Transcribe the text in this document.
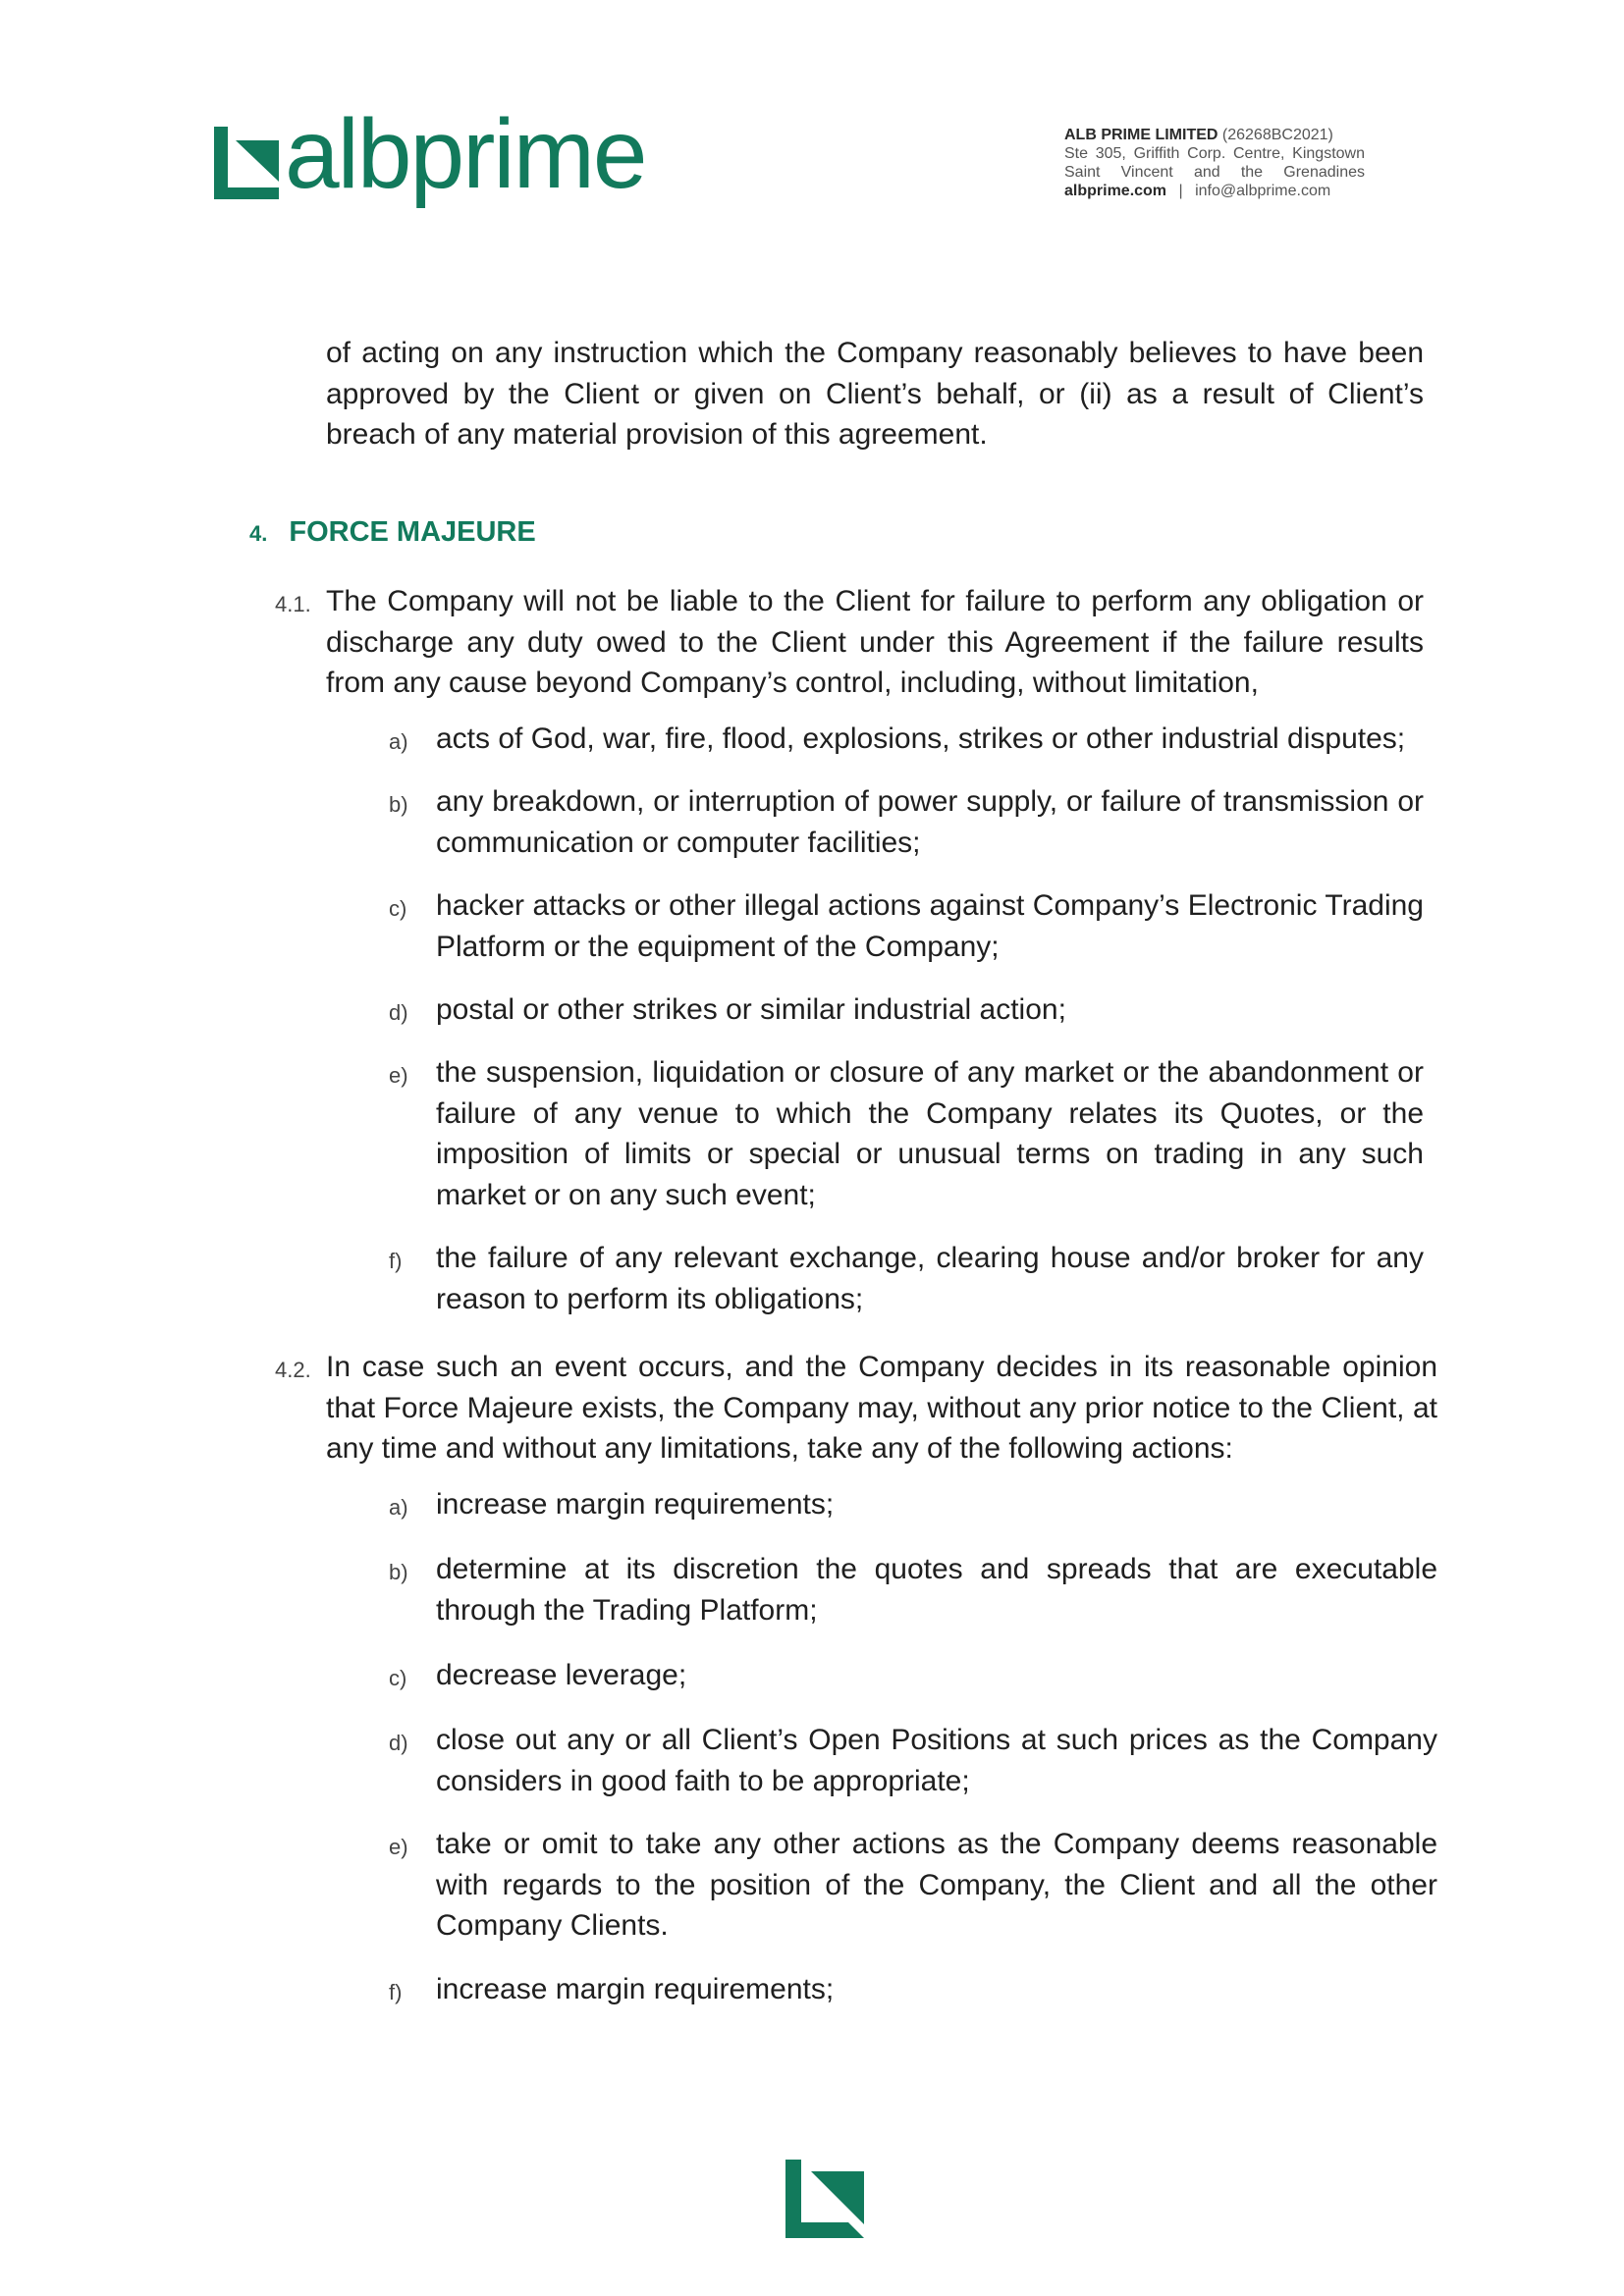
albprime	ALB PRIME LIMITED (26268BC2021)
Ste 305, Griffith Corp. Centre, Kingstown
Saint Vincent and the Grenadines
albprime.com | info@albprime.com
of acting on any instruction which the Company reasonably believes to have been approved by the Client or given on Client’s behalf, or (ii) as a result of Client’s breach of any material provision of this agreement.
4. FORCE MAJEURE
4.1. The Company will not be liable to the Client for failure to perform any obligation or discharge any duty owed to the Client under this Agreement if the failure results from any cause beyond Company’s control, including, without limitation,
a) acts of God, war, fire, flood, explosions, strikes or other industrial disputes;
b) any breakdown, or interruption of power supply, or failure of transmission or communication or computer facilities;
c) hacker attacks or other illegal actions against Company’s Electronic Trading Platform or the equipment of the Company;
d) postal or other strikes or similar industrial action;
e) the suspension, liquidation or closure of any market or the abandonment or failure of any venue to which the Company relates its Quotes, or the imposition of limits or special or unusual terms on trading in any such market or on any such event;
f) the failure of any relevant exchange, clearing house and/or broker for any reason to perform its obligations;
4.2. In case such an event occurs, and the Company decides in its reasonable opinion that Force Majeure exists, the Company may, without any prior notice to the Client, at any time and without any limitations, take any of the following actions:
a) increase margin requirements;
b) determine at its discretion the quotes and spreads that are executable through the Trading Platform;
c) decrease leverage;
d) close out any or all Client’s Open Positions at such prices as the Company considers in good faith to be appropriate;
e) take or omit to take any other actions as the Company deems reasonable with regards to the position of the Company, the Client and all the other Company Clients.
f) increase margin requirements;
